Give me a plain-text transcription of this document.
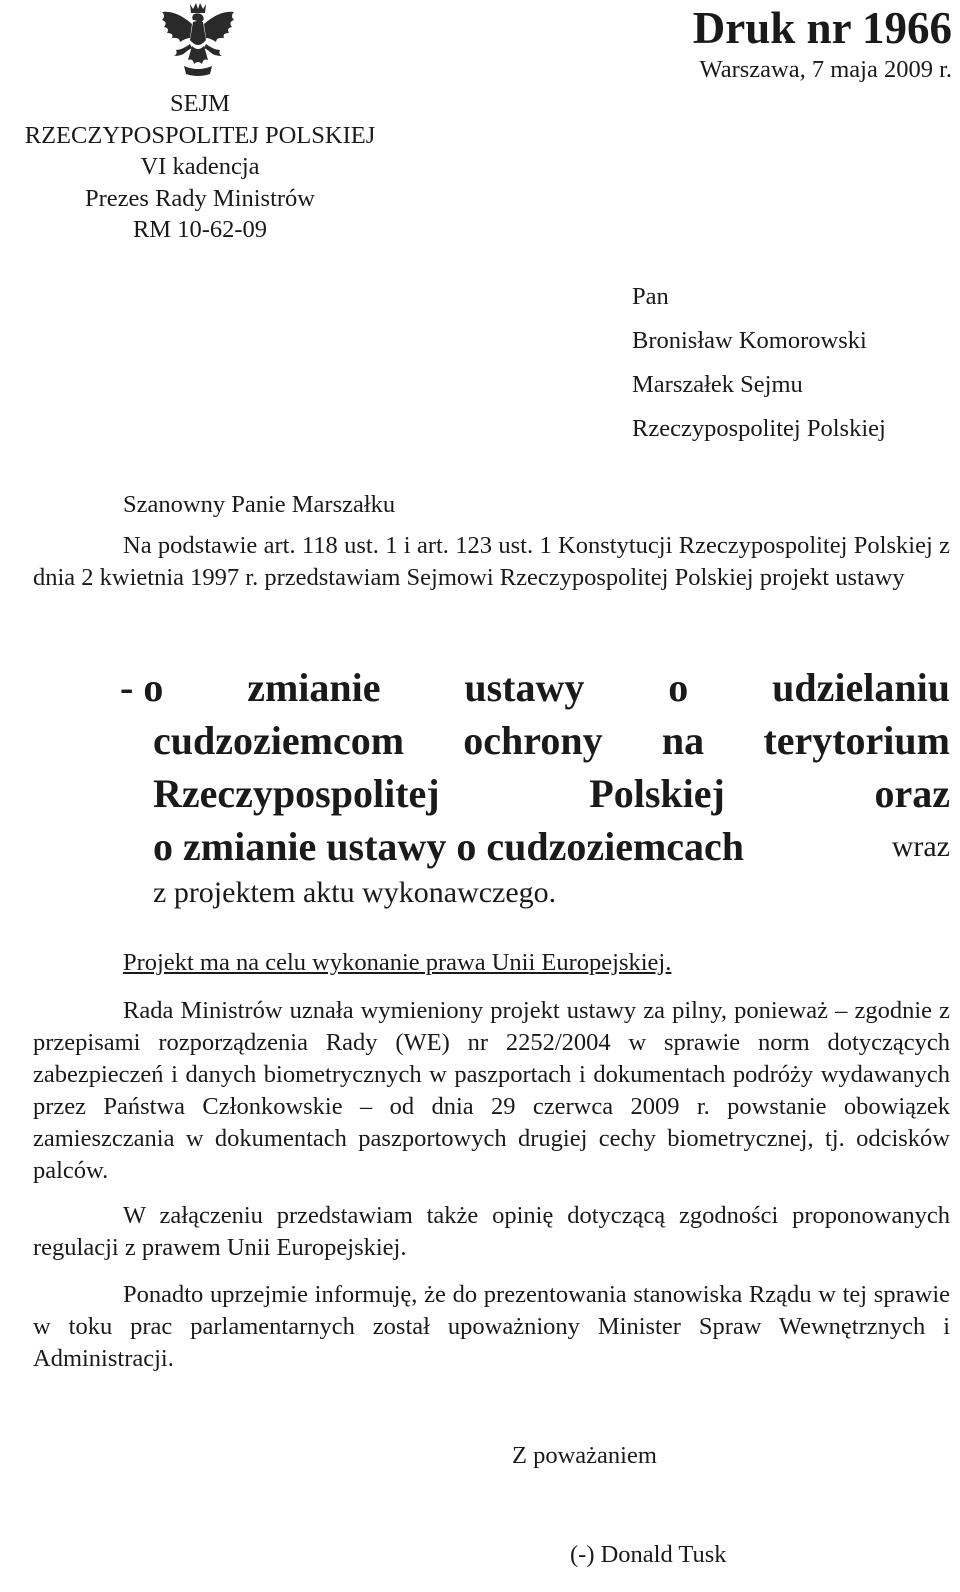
SEJM
RZECZYPOSPOLITEJ POLSKIEJ
VI kadencja
Prezes Rady Ministrów
RM 10-62-09
Druk nr 1966
Warszawa, 7 maja 2009 r.
Pan
Bronisław Komorowski
Marszałek Sejmu
Rzeczypospolitej Polskiej
Szanowny Panie Marszałku

Na podstawie art. 118 ust. 1 i art. 123 ust. 1 Konstytucji Rzeczypospolitej Polskiej z dnia 2 kwietnia 1997 r. przedstawiam Sejmowi Rzeczypospolitej Polskiej projekt ustawy

- o zmianie ustawy o udzielaniu
cudzoziemcom ochrony na terytorium
Rzeczypospolitej	Polskiej	oraz
o zmianie ustawy o cudzoziemcach	wraz
z projektem aktu wykonawczego.
Projekt ma na celu wykonanie prawa Unii Europejskiej.

Rada Ministrów uznała wymieniony projekt ustawy za pilny, ponieważ – zgodnie z przepisami rozporządzenia Rady (WE) nr 2252/2004 w sprawie norm dotyczących zabezpieczeń i danych biometrycznych w paszportach i dokumentach podróży wydawanych przez Państwa Członkowskie – od dnia 29 czerwca 2009 r. powstanie obowiązek zamieszczania w dokumentach paszportowych drugiej cechy biometrycznej, tj. odcisków palców.

W załączeniu przedstawiam także opinię dotyczącą zgodności proponowanych regulacji z prawem Unii Europejskiej.

Ponadto uprzejmie informuję, że do prezentowania stanowiska Rządu w tej sprawie w toku prac parlamentarnych został upoważniony Minister Spraw Wewnętrznych i Administracji.

Z poważaniem
(-) Donald Tusk
